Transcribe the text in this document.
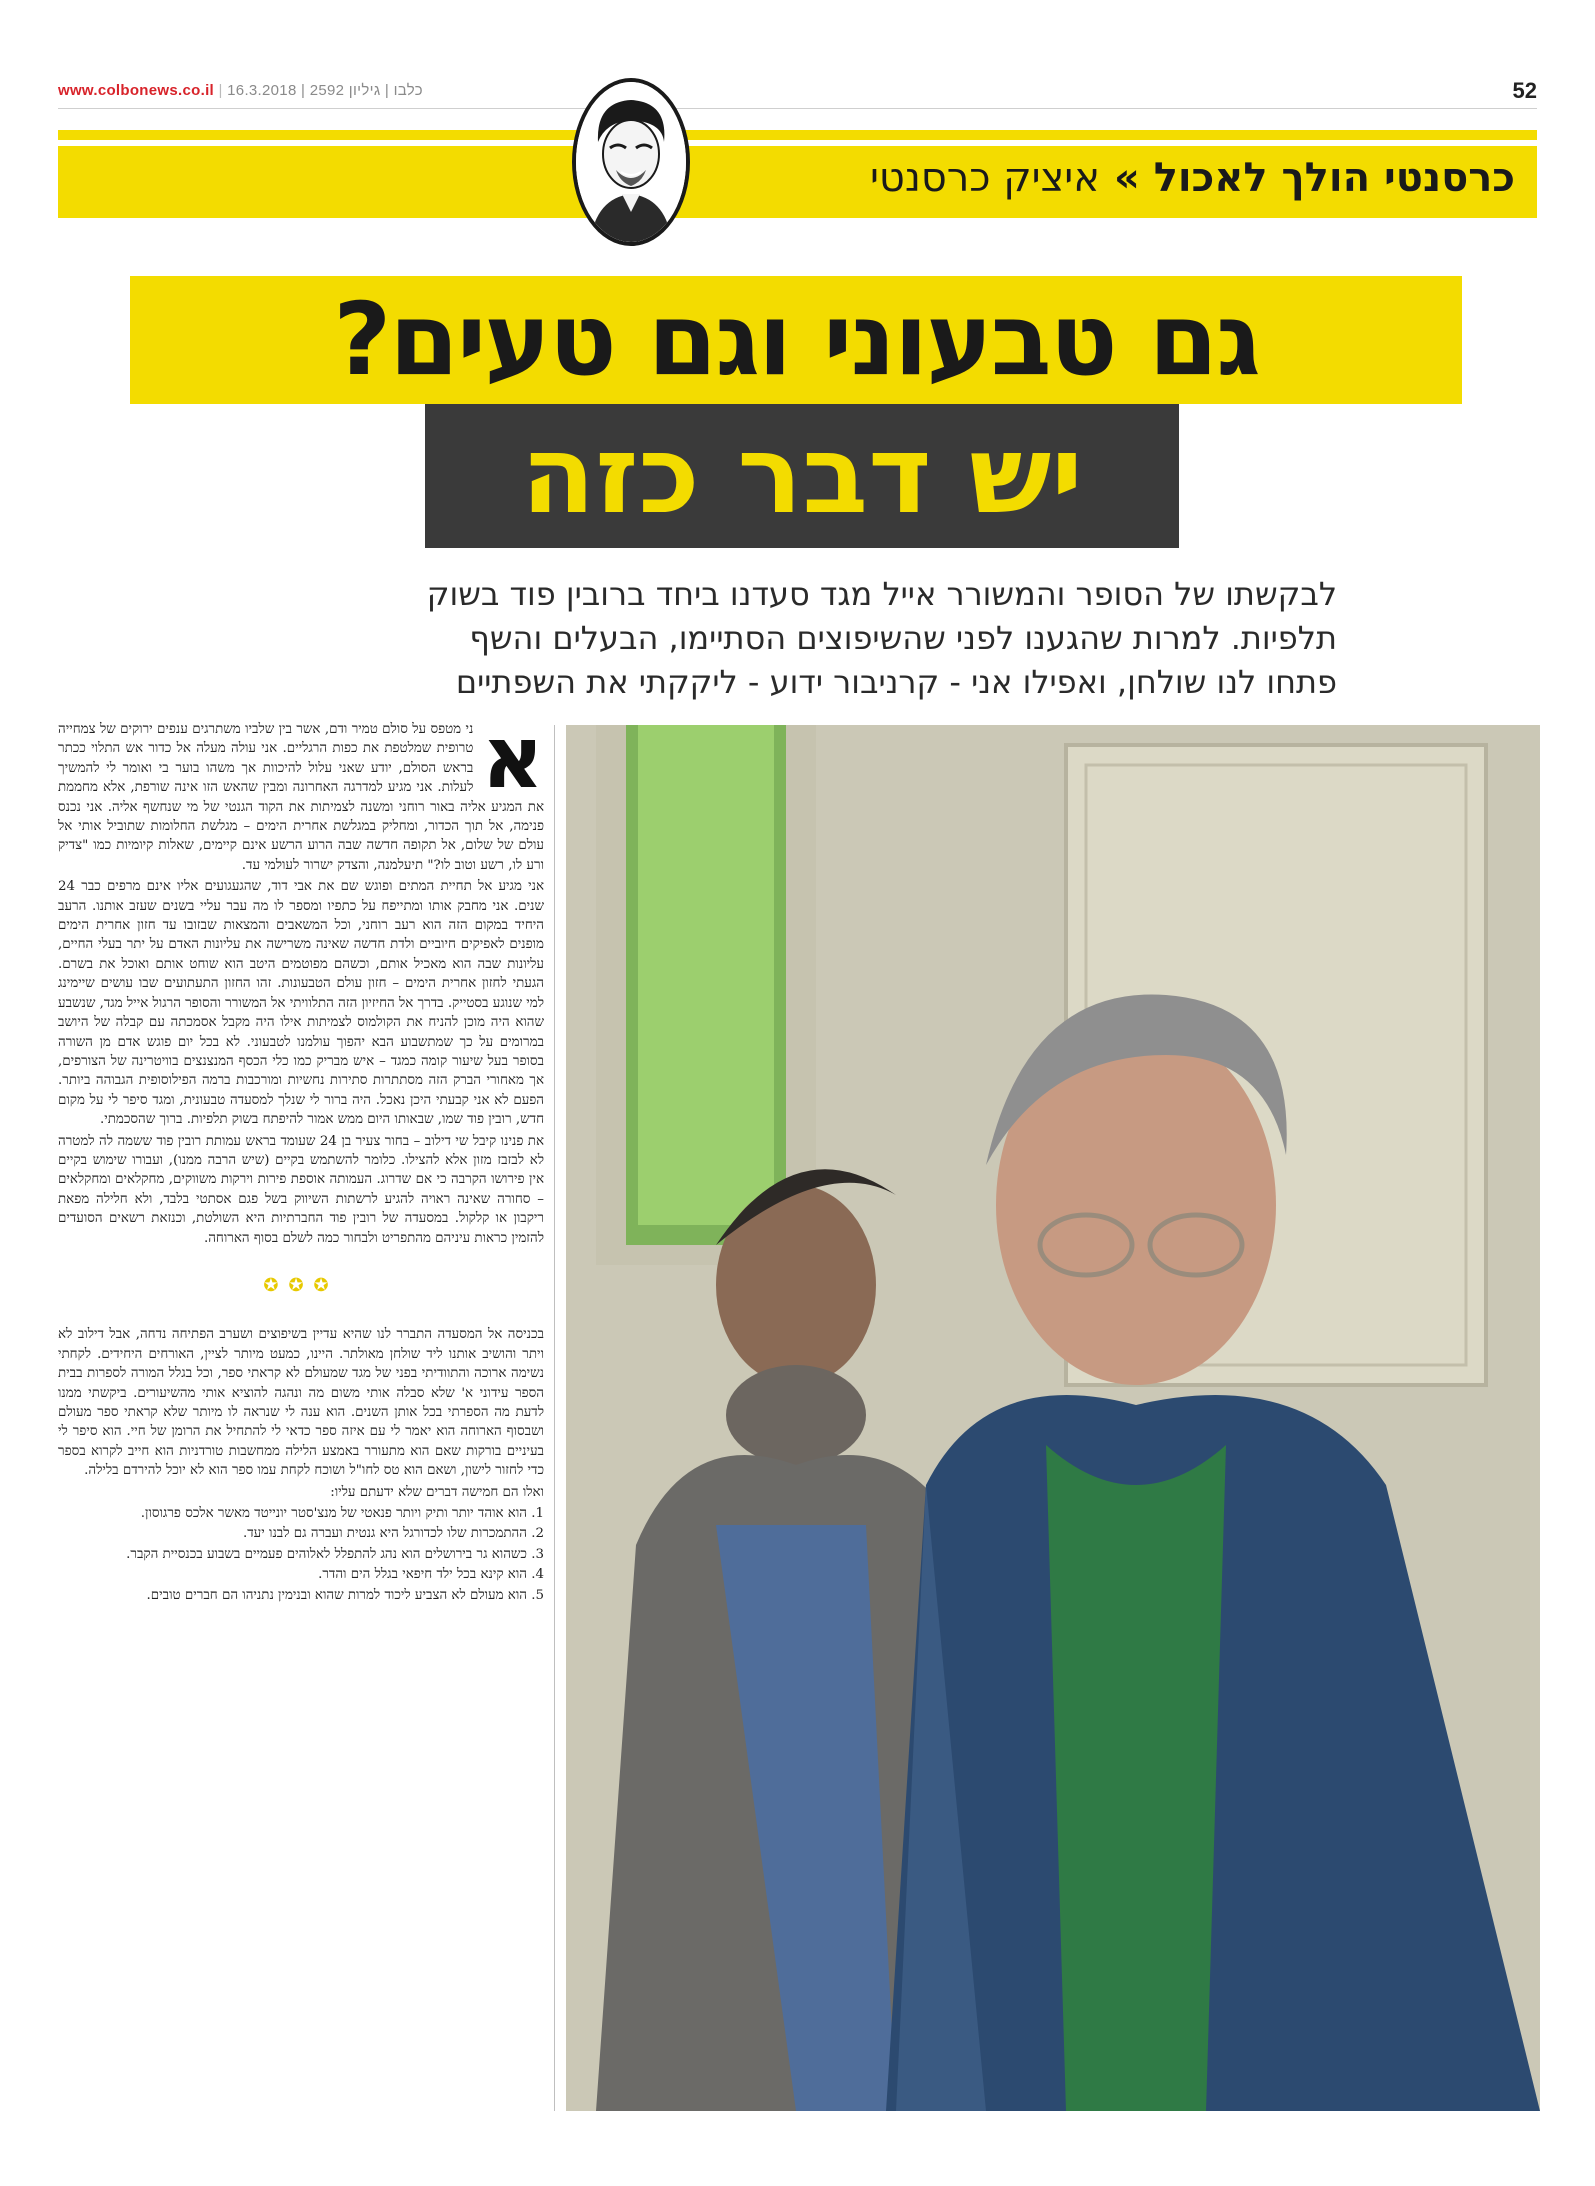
www.colbonews.co.il | כלבו | גיליון 2592 | 16.3.2018	52
כרסנטי הולך לאכול » איציק כרסנטי
גם טבעוני וגם טעים?
יש דבר כזה
לבקשתו של הסופר והמשורר אייל מגד סעדנו ביחד ברובין פוד בשוק
תלפיות. למרות שהגענו לפני שהשיפוצים הסתיימו, הבעלים והשף
פתחו לנו שולחן, ואפילו אני - קרניבור ידוע - ליקקתי את השפתיים

א
ני מטפס על סולם טמיר ודם, אשר בין שלביו משתרגים ענפים ירוקים של צמחייה טרופית שמלטפת את כפות הרגליים. אני עולה מעלה אל כדור אש התלוי ככתר בראש הסולם, יודע שאני עלול להיכוות אך משהו בוער בי ואומר לי להמשיך לעלות. אני מגיע למדרגה האחרונה ומבין שהאש הזו אינה שורפת, אלא מחממת את המגיע אליה באור רוחני ומשנה לצמיתות את הקוד הגנטי של מי שנחשף אליה. אני נכנס פנימה, אל תוך הכדור, ומחליק במגלשת אחרית הימים – מגלשת החלומות שתוביל אותי אל עולם של שלום, אל תקופה חדשה שבה הרוע הרשע אינם קיימים, שאלות קיומיות כמו "צדיק ורע לו, רשע וטוב לו?" תיעלמנה, והצדק ישרור לעולמי עד.

אני מגיע אל תחיית המתים ופוגש שם את אבי דוד, שהגעגועים אליו אינם מרפים כבר 24 שנים. אני מחבק אותו ומתייפח על כתפיו ומספר לו מה עבר עליי בשנים שעזב אותנו. הרעב היחיד במקום הזה הוא רעב רוחני, וכל המשאבים והמצאות שבזובו עד חזון אחרית הימים מופנים לאפיקים חיוביים ולדת חדשה שאינה משרישה את עליונות האדם על יתר בעלי החיים, עליונות שבה הוא מאכיל אותם, וכשהם מפוטמים היטב הוא שוחט אותם ואוכל את בשרם. הגעתי לחזון אחרית הימים – חזון עולם הטבעונות. זהו החזון התעתועים שבו עושים שיימינג למי שנוגע בסטייק. בדרך אל החיזיון הזה התלוויתי אל המשורר והסופר הרגול אייל מגד, שנשבע שהוא היה מוכן להניח את הקולמוס לצמיתות אילו היה מקבל אסמכתה עם קבלה של היושב במרומים על כך שמתשבוע הבא יהפוך עולמנו לטבעוני. לא בכל יום פוגש אדם מן השורה בסופר בעל שיעור קומה כמגד – איש מבריק כמו כלי הכסף המנצנצים בוויטרינה של הצורפים, אך מאחורי הברק הזה מסתתרות סתירות נחשיות ומורכבות ברמה הפילוסופית הגבוהה ביותר. הפעם לא אני קבעתי היכן נאכל. היה ברור לי שנלך למסעדה טבעונית, ומגד סיפר לי על מקום חדש, רובין פוד שמו, שבאותו היום ממש אמור להיפתח בשוק תלפיות. ברוך שהסכמתי.

את פנינו קיבל שי דילוב – בחור צעיר בן 24 שעומד בראש עמותת רובין פוד ששמה לה למטרה לא לבזבז מזון אלא להצילו. כלומר להשתמש בקיים (שיש הרבה ממנו), ועבורו שימוש בקיים אין פירושו הקרבה כי אם שדרוג. העמותה אוספת פירות וירקות משווקים, מחקלאים ומחקלאים – סחורה שאינה ראויה להגיע לרשתות השיווק בשל פגם אסתטי בלבד, ולא חלילה מפאת ריקבון או קלקול. במסעדה של רובין פוד החברתיות היא השולטת, וכנזאת רשאים הסועדים להזמין כראות עיניהם מהתפריט ולבחור כמה לשלם בסוף הארוחה.

✪✪✪

בכניסה אל המסעדה התברר לנו שהיא עדיין בשיפוצים ושערב הפתיחה נדחה, אבל דילוב לא ויתר והושיב אותנו ליד שולחן מאולתר. היינו, כמעט מיותר לציין, האורחים היחידים. לקחתי נשימה ארוכה והתוודיתי בפני של מגד שמעולם לא קראתי ספר, וכל בגלל המורה לספרות בבית הספר עידוני א' שלא סבלה אותי משום מה ונהגה להוציא אותי מהשיעורים. ביקשתי ממנו לדעת מה הספרתי בכל אותן השנים. הוא ענה לי שנראה לו מיותר שלא קראתי ספר מעולם ושבסוף הארוחה הוא יאמר לי עם איזה ספר כדאי לי להתחיל את הרומן של חיי. הוא סיפר לי בעיניים בורקות שאם הוא מתעורר באמצע הלילה ממחשבות טורדניות הוא חייב לקרוא בספר כדי לחזור לישון, ושאם הוא טס לחו"ל ושוכח לקחת עמו ספר הוא לא יוכל להירדם בלילה.

ואלו הם חמישה דברים שלא ידעתם עליו:

1. הוא אוהד יותר ותיק ויותר פנאטי של מנצ'סטר יונייטד מאשר אלכס פרגוסון.
2. ההתמכרות שלו לכדורגל היא גנטית ועברה גם לבנו יעד.
3. כשהוא גר בירושלים הוא נהג להתפלל לאלוהים פעמיים בשבוע בכנסיית הקבר.
4. הוא קינא בכל ילד חיפאי בגלל הים והדר.
5. הוא מעולם לא הצביע ליכוד למרות שהוא ובנימין נתניהו הם חברים טובים.
